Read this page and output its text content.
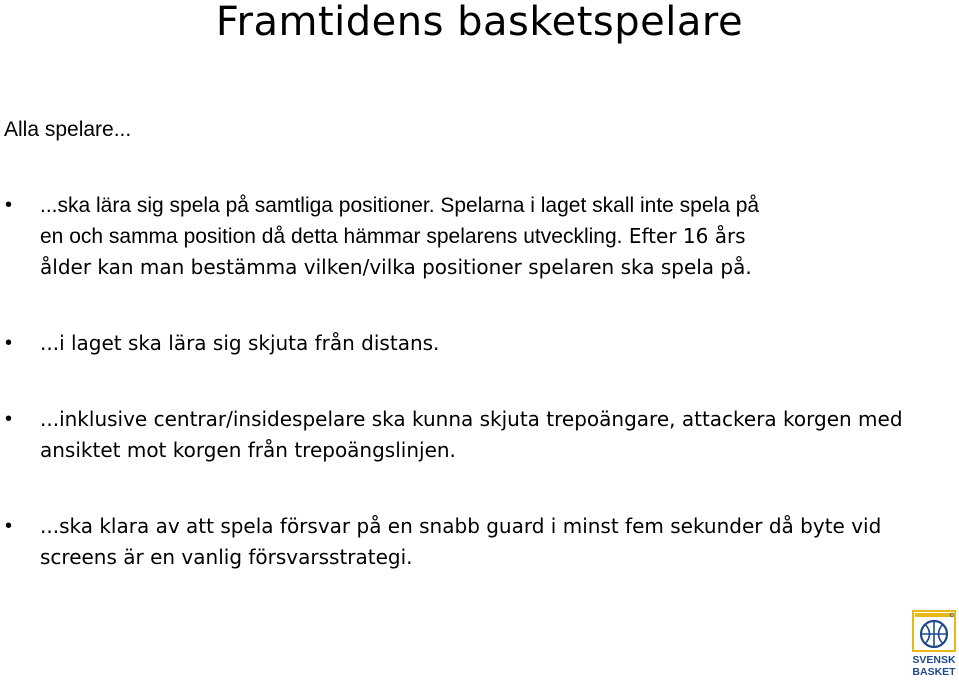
Framtidens basketspelare

Alla spelare...

• ...ska lära sig spela på samtliga positioner. Spelarna i laget skall inte spela på
en och samma position då detta hämmar spelarens utveckling. Efter 16 års
ålder kan man bestämma vilken/vilka positioner spelaren ska spela på.
• ...i laget ska lära sig skjuta från distans.
• ...inklusive centrar/insidespelare ska kunna skjuta trepoängare, attackera korgen med ansiktet mot korgen från trepoängslinjen.
• ...ska klara av att spela försvar på en snabb guard i minst fem sekunder då byte vid screens är en vanlig försvarsstrategi.
SVENSK
BASKET
